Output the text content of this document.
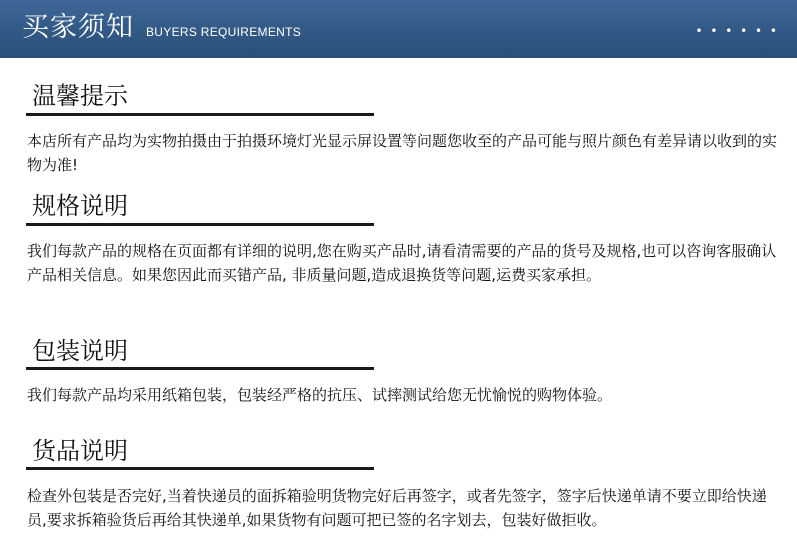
买家须知 BUYERS REQUIREMENTS	• • • • • •
温馨提示
本店所有产品均为实物拍摄由于拍摄环境灯光显示屏设置等问题您收至的产品可能与照片颜色有差异请以收到的实物为准!
规格说明
我们每款产品的规格在页面都有详细的说明,您在购买产品时,请看清需要的产品的货号及规格,也可以咨询客服确认产品相关信息。如果您因此而买错产品, 非质量问题,造成退换货等问题,运费买家承担。
包装说明
我们每款产品均采用纸箱包装，包装经严格的抗压、试摔测试给您无忧愉悦的购物体验。
货品说明
检查外包装是否完好,当着快递员的面拆箱验明货物完好后再签字，或者先签字，签字后快递单请不要立即给快递员,要求拆箱验货后再给其快递单,如果货物有问题可把已签的名字划去，包装好做拒收。
